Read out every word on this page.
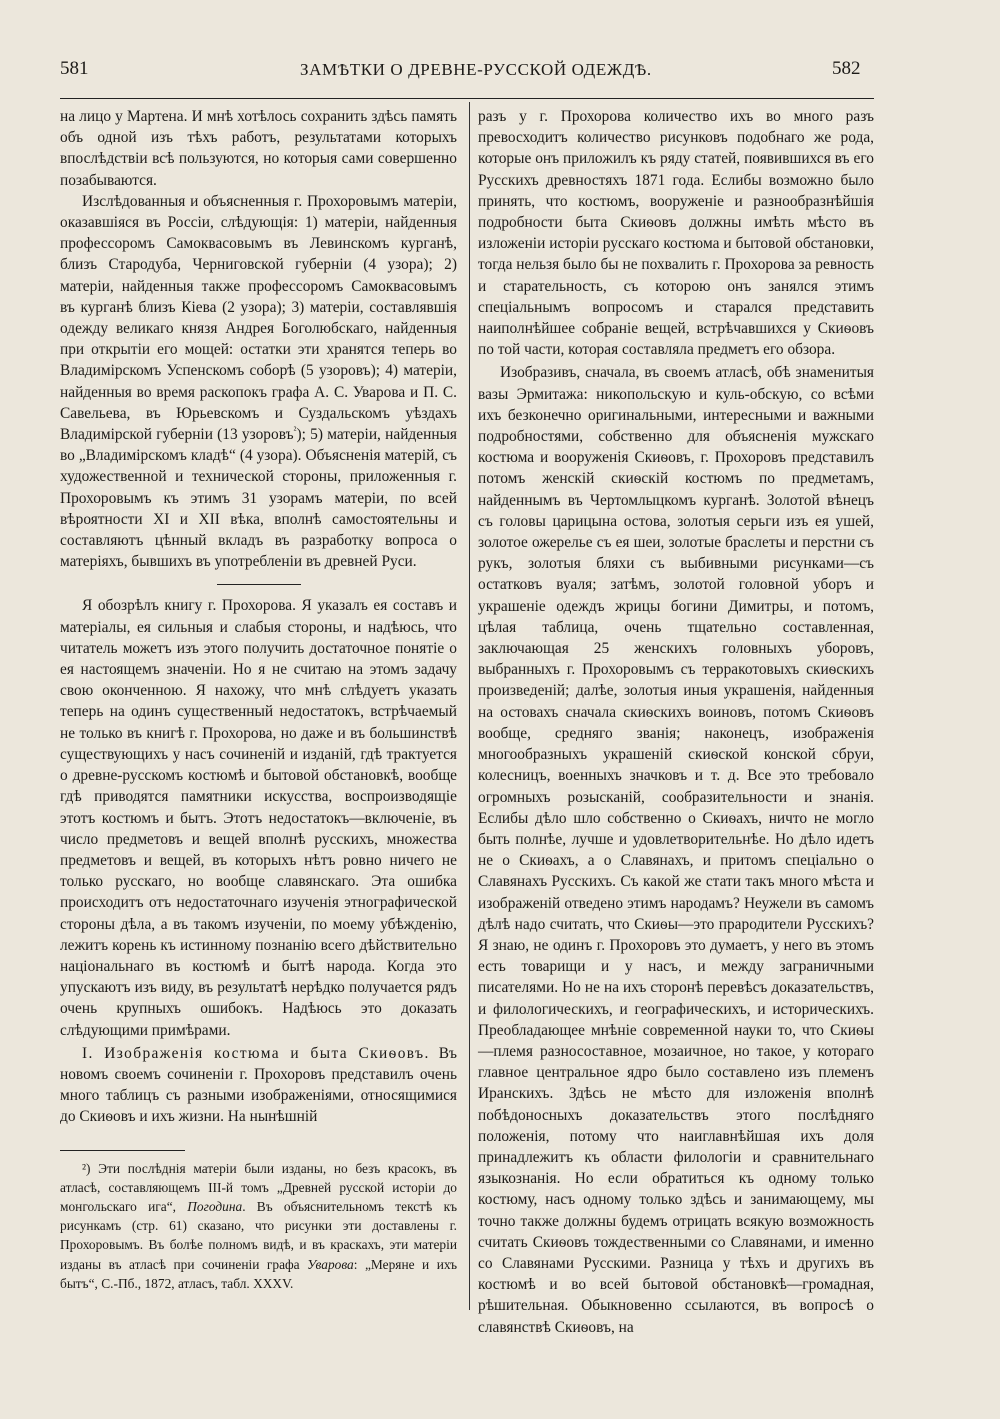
581	ЗАМѢТКИ О ДРЕВНЕ-РУССКОЙ ОДЕЖДѢ.	582

на лицо у Мартена. И мнѣ хотѣлось сохранить здѣсь память объ одной изъ тѣхъ работъ, результатами которыхъ впослѣдствіи всѣ пользуются, но которыя сами совершенно позабываются.

Изслѣдованныя и объясненныя г. Прохоровымъ матеріи, оказавшіяся въ Россіи, слѣдующія: 1) матеріи, найденныя профессоромъ Самоквасовымъ въ Левинскомъ курганѣ, близъ Стародуба, Черниговской губерніи (4 узора); 2) матеріи, найденныя также профессоромъ Самоквасовымъ въ курганѣ близъ Кіева (2 узора); 3) матеріи, составлявшія одежду великаго князя Андрея Боголюбскаго, найденныя при открытіи его мощей: остатки эти хранятся теперь во Владимірскомъ Успенскомъ соборѣ (5 узоровъ); 4) матеріи, найденныя во время раскопокъ графа А. С. Уварова и П. С. Савельева, въ Юрьевскомъ и Суздальскомъ уѣздахъ Владимірской губерніи (13 узоровъ$^{^2}$); 5) матеріи, найденныя во „Владимірскомъ кладѣ“ (4 узора). Объясненія матерій, съ художественной и технической стороны, приложенныя г. Прохоровымъ къ этимъ 31 узорамъ матеріи, по всей вѣроятности XI и XII вѣка, вполнѣ самостоятельны и составляютъ цѣнный вкладъ въ разработку вопроса о матеріяхъ, бывшихъ въ употребленіи въ древней Руси.

Я обозрѣлъ книгу г. Прохорова. Я указалъ ея составъ и матеріалы, ея сильныя и слабыя стороны, и надѣюсь, что читатель можетъ изъ этого получить достаточное понятіе о ея настоящемъ значеніи. Но я не считаю на этомъ задачу свою оконченною. Я нахожу, что мнѣ слѣдуетъ указать теперь на одинъ существенный недостатокъ, встрѣчаемый не только въ книгѣ г. Прохорова, но даже и въ большинствѣ существующихъ у насъ сочиненій и изданій, гдѣ трактуется о древне-русскомъ костюмѣ и бытовой обстановкѣ, вообще гдѣ приводятся памятники искусства, воспроизводящіе этотъ костюмъ и бытъ. Этотъ недостатокъ—включеніе, въ число предметовъ и вещей вполнѣ русскихъ, множества предметовъ и вещей, въ которыхъ нѣтъ ровно ничего не только русскаго, но вообще славянскаго. Эта ошибка происходитъ отъ недостаточнаго изученія этнографической стороны дѣла, а въ такомъ изученіи, по моему убѣжденію, лежитъ корень къ истинному познанію всего дѣйствительно національнаго въ костюмѣ и бытѣ народа. Когда это упускаютъ изъ виду, въ результатѣ нерѣдко получается рядъ очень крупныхъ ошибокъ. Надѣюсь это доказать слѣдующими примѣрами.

I. Изображенія костюма и быта Скиѳовъ. Въ новомъ своемъ сочиненіи г. Прохоровъ представилъ очень много таблицъ съ разными изображеніями, относящимися до Скиѳовъ и ихъ жизни. На нынѣшній

²) Эти послѣднія матеріи были изданы, но безъ красокъ, въ атласѣ, составляющемъ III-й томъ „Древней русской исторіи до монгольскаго ига“, Погодина. Въ объяснительномъ текстѣ къ рисункамъ (стр. 61) сказано, что рисунки эти доставлены г. Прохоровымъ. Въ болѣе полномъ видѣ, и въ краскахъ, эти матеріи изданы въ атласѣ при сочиненіи графа Уварова: „Меряне и ихъ бытъ“, С.-Пб., 1872, атласъ, табл. XXXV.

разъ у г. Прохорова количество ихъ во много разъ превосходитъ количество рисунковъ подобнаго же рода, которые онъ приложилъ къ ряду статей, появившихся въ его Русскихъ древностяхъ 1871 года. Еслибы возможно было принять, что костюмъ, вооруженіе и разнообразнѣйшія подробности быта Скиѳовъ должны имѣть мѣсто въ изложеніи исторіи русскаго костюма и бытовой обстановки, тогда нельзя было бы не похвалить г. Прохорова за ревность и старательность, съ которою онъ занялся этимъ спеціальнымъ вопросомъ и старался представить наиполнѣйшее собраніе вещей, встрѣчавшихся у Скиѳовъ по той части, которая составляла предметъ его обзора.

Изобразивъ, сначала, въ своемъ атласѣ, обѣ знаменитыя вазы Эрмитажа: никопольскую и куль-обскую, со всѣми ихъ безконечно оригинальными, интересными и важными подробностями, собственно для объясненія мужскаго костюма и вооруженія Скиѳовъ, г. Прохоровъ представилъ потомъ женскій скиѳскій костюмъ по предметамъ, найденнымъ въ Чертомлыцкомъ курганѣ. Золотой вѣнецъ съ головы царицына остова, золотыя серьги изъ ея ушей, золотое ожерелье съ ея шеи, золотые браслеты и перстни съ рукъ, золотыя бляхи съ выбивными рисунками—съ остатковъ вуаля; затѣмъ, золотой головной уборъ и украшеніе одеждъ жрицы богини Димитры, и потомъ, цѣлая таблица, очень тщательно составленная, заключающая 25 женскихъ головныхъ уборовъ, выбранныхъ г. Прохоровымъ съ терракотовыхъ скиѳскихъ произведеній; далѣе, золотыя иныя украшенія, найденныя на остовахъ сначала скиѳскихъ воиновъ, потомъ Скиѳовъ вообще, средняго званія; наконецъ, изображенія многообразныхъ украшеній скиѳской конской сбруи, колесницъ, военныхъ значковъ и т. д. Все это требовало огромныхъ розысканій, сообразительности и знанія. Еслибы дѣло шло собственно о Скиѳахъ, ничто не могло быть полнѣе, лучше и удовлетворительнѣе. Но дѣло идетъ не о Скиѳахъ, а о Славянахъ, и притомъ спеціально о Славянахъ Русскихъ. Съ какой же стати такъ много мѣста и изображеній отведено этимъ народамъ? Неужели въ самомъ дѣлѣ надо считать, что Скиѳы—это прародители Русскихъ? Я знаю, не одинъ г. Прохоровъ это думаетъ, у него въ этомъ есть товарищи и у насъ, и между заграничными писателями. Но не на ихъ сторонѣ перевѣсъ доказательствъ, и филологическихъ, и географическихъ, и историческихъ. Преобладающее мнѣніе современной науки то, что Скиѳы—племя разносоставное, мозаичное, но такое, у котораго главное центральное ядро было составлено изъ племенъ Иранскихъ. Здѣсь не мѣсто для изложенія вполнѣ побѣдоносныхъ доказательствъ этого послѣдняго положенія, потому что наиглавнѣйшая ихъ доля принадлежитъ къ области филологіи и сравнительнаго языкознанія. Но если обратиться къ одному только костюму, насъ одному только здѣсь и занимающему, мы точно также должны будемъ отрицать всякую возможность считать Скиѳовъ тождественными со Славянами, и именно со Славянами Русскими. Разница у тѣхъ и другихъ въ костюмѣ и во всей бытовой обстановкѣ—громадная, рѣшительная. Обыкновенно ссылаются, въ вопросѣ о славянствѣ Скиѳовъ, на
